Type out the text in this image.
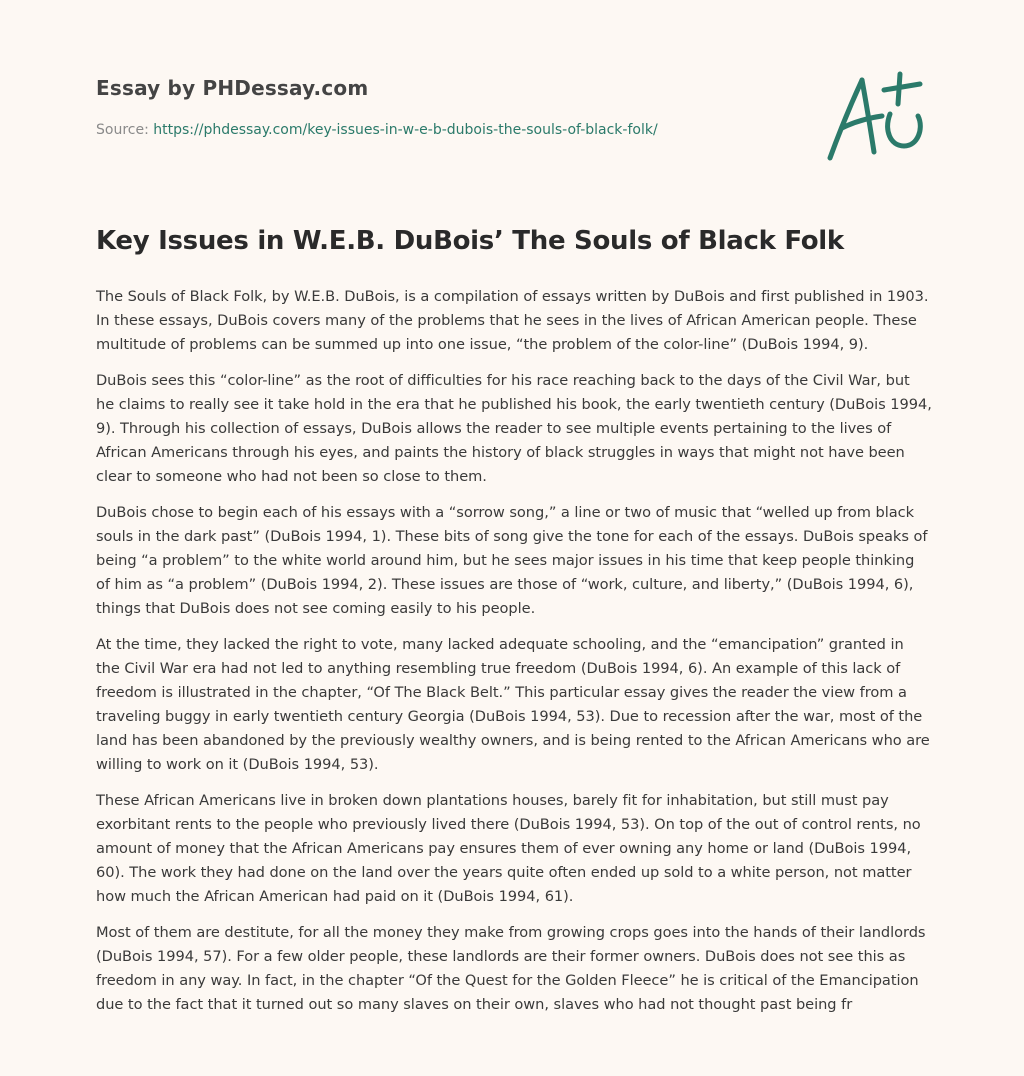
Essay by PHDessay.com
Source: https://phdessay.com/key-issues-in-w-e-b-dubois-the-souls-of-black-folk/
Key Issues in W.E.B. DuBois’ The Souls of Black Folk

The Souls of Black Folk, by W.E.B. DuBois, is a compilation of essays written by DuBois and first published in 1903. In these essays, DuBois covers many of the problems that he sees in the lives of African American people. These multitude of problems can be summed up into one issue, “the problem of the color-line” (DuBois 1994, 9).

DuBois sees this “color-line” as the root of difficulties for his race reaching back to the days of the Civil War, but he claims to really see it take hold in the era that he published his book, the early twentieth century (DuBois 1994, 9). Through his collection of essays, DuBois allows the reader to see multiple events pertaining to the lives of African Americans through his eyes, and paints the history of black struggles in ways that might not have been clear to someone who had not been so close to them.

DuBois chose to begin each of his essays with a “sorrow song,” a line or two of music that “welled up from black souls in the dark past” (DuBois 1994, 1). These bits of song give the tone for each of the essays. DuBois speaks of being “a problem” to the white world around him, but he sees major issues in his time that keep people thinking of him as “a problem” (DuBois 1994, 2). These issues are those of “work, culture, and liberty,” (DuBois 1994, 6), things that DuBois does not see coming easily to his people.

At the time, they lacked the right to vote, many lacked adequate schooling, and the “emancipation” granted in the Civil War era had not led to anything resembling true freedom (DuBois 1994, 6). An example of this lack of freedom is illustrated in the chapter, “Of The Black Belt.” This particular essay gives the reader the view from a traveling buggy in early twentieth century Georgia (DuBois 1994, 53). Due to recession after the war, most of the land has been abandoned by the previously wealthy owners, and is being rented to the African Americans who are willing to work on it (DuBois 1994, 53).

These African Americans live in broken down plantations houses, barely fit for inhabitation, but still must pay exorbitant rents to the people who previously lived there (DuBois 1994, 53). On top of the out of control rents, no amount of money that the African Americans pay ensures them of ever owning any home or land (DuBois 1994, 60). The work they had done on the land over the years quite often ended up sold to a white person, not matter how much the African American had paid on it (DuBois 1994, 61).

Most of them are destitute, for all the money they make from growing crops goes into the hands of their landlords (DuBois 1994, 57). For a few older people, these landlords are their former owners. DuBois does not see this as freedom in any way. In fact, in the chapter “Of the Quest for the Golden Fleece” he is critical of the Emancipation due to the fact that it turned out so many slaves on their own, slaves who had not thought past being fr
